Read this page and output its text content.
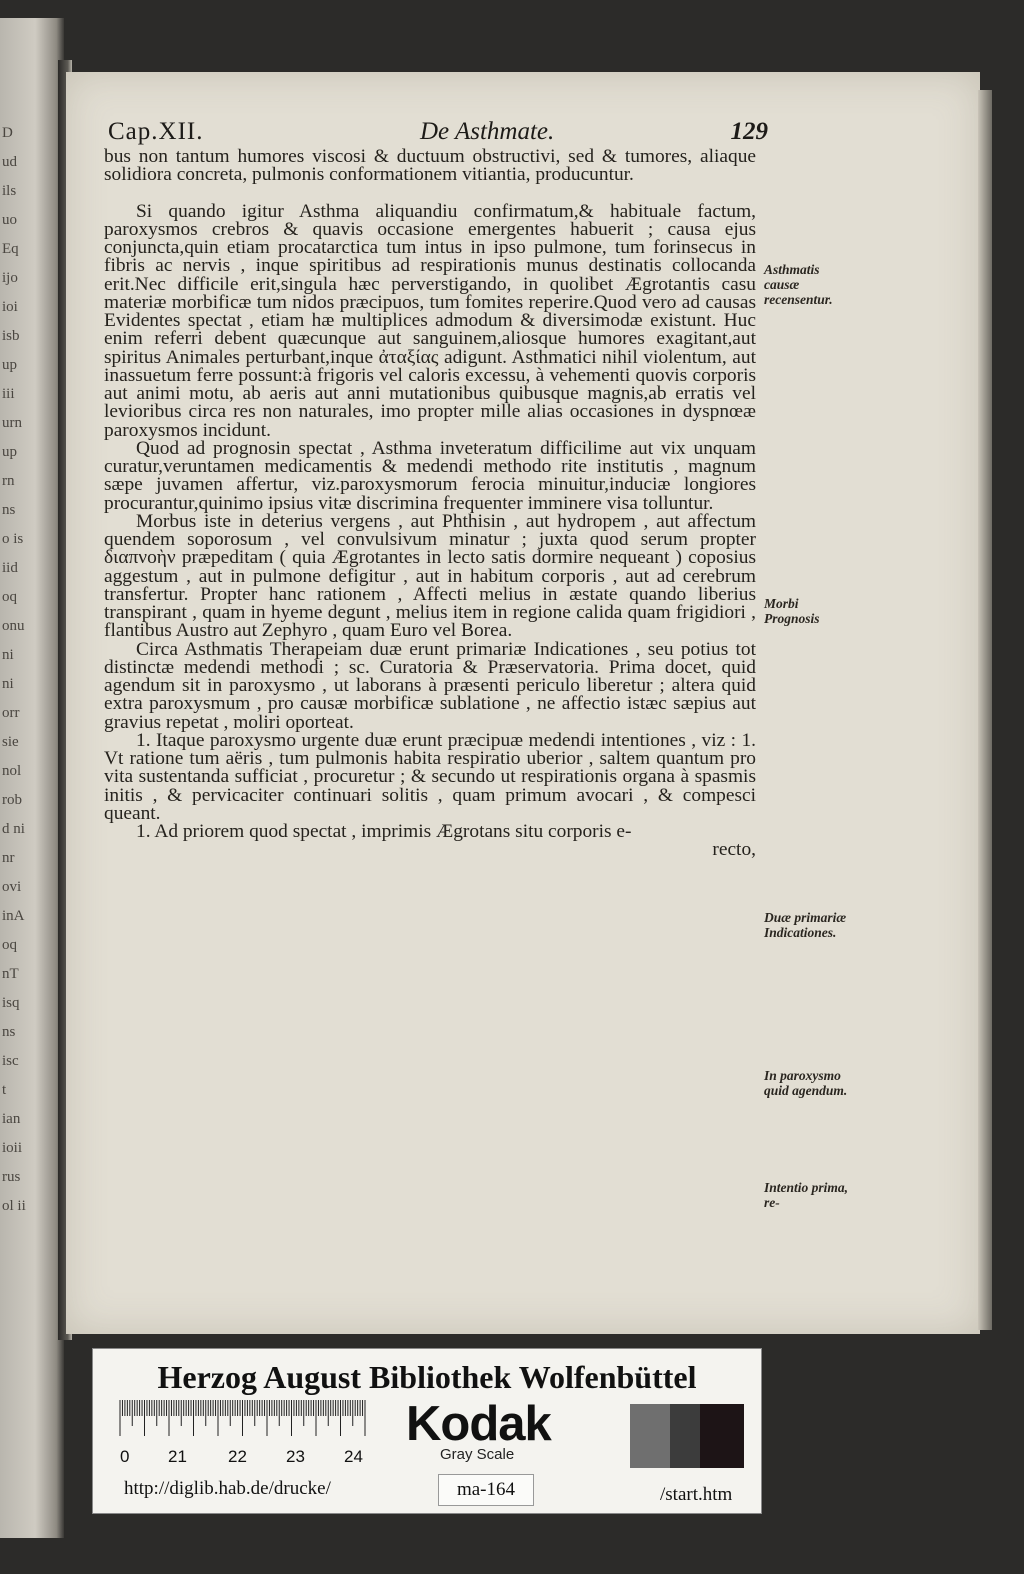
D
ud
ils
uo
Eq
ijo
ioi
isb
up
iii
urn
up
rn
ns
o is
iid
oq
onu
ni
ni
orr
sie
nol
rob
d ni
nr
ovi
inA
oq
nT
isq
ns
isc
t
ian
ioii
rus
ol ii
Cap.XII.	De Asthmate.	129

bus non tantum humores viscosi & ductuum obstructivi, sed & tumores, aliaque solidiora concreta, pulmonis conformationem vitiantia, producuntur.

Si quando igitur Asthma aliquandiu confirmatum,& habituale factum, paroxysmos crebros & quavis occasione emergentes habuerit ; causa ejus conjuncta,quin etiam procatarctica tum intus in ipso pulmone, tum forinsecus in fibris ac nervis , inque spiritibus ad respirationis munus destinatis collocanda erit.Nec difficile erit,singula hæc perverstigando, in quolibet Ægrotantis casu materiæ morbificæ tum nidos præcipuos, tum fomites reperire.Quod vero ad causas Evidentes spectat , etiam hæ multiplices admodum & diversimodæ existunt. Huc enim referri debent quæcunque aut sanguinem,aliosque humores exagitant,aut spiritus Animales perturbant,inque ἀταξίας adigunt. Asthmatici nihil violentum, aut inassuetum ferre possunt:à frigoris vel caloris excessu, à vehementi quovis corporis aut animi motu, ab aeris aut anni mutationibus quibusque magnis,ab erratis vel levioribus circa res non naturales, imo propter mille alias occasiones in dyspnœæ paroxysmos incidunt.

Quod ad prognosin spectat , Asthma inveteratum difficilime aut vix unquam curatur,veruntamen medicamentis & medendi methodo rite institutis , magnum sæpe juvamen affertur, viz.paroxysmorum ferocia minuitur,induciæ longiores procurantur,quinimo ipsius vitæ discrimina frequenter imminere visa tolluntur.

Morbus iste in deterius vergens , aut Phthisin , aut hydropem , aut affectum quendem soporosum , vel convulsivum minatur ; juxta quod serum propter διαπνοὴν præpeditam ( quia Ægrotantes in lecto satis dormire nequeant ) coposius aggestum , aut in pulmone defigitur , aut in habitum corporis , aut ad cerebrum transfertur. Propter hanc rationem , Affecti melius in æstate quando liberius transpirant , quam in hyeme degunt , melius item in regione calida quam frigidiori , flantibus Austro aut Zephyro , quam Euro vel Borea.

Circa Asthmatis Therapeiam duæ erunt primariæ Indicationes , seu potius tot distinctæ medendi methodi ; sc. Curatoria & Præservatoria. Prima docet, quid agendum sit in paroxysmo , ut laborans à præsenti periculo liberetur ; altera quid extra paroxysmum , pro causæ morbificæ sublatione , ne affectio istæc sæpius aut gravius repetat , moliri oporteat.

1. Itaque paroxysmo urgente duæ erunt præcipuæ medendi intentiones , viz : 1. Vt ratione tum aëris , tum pulmonis habita respiratio uberior , saltem quantum pro vita sustentanda sufficiat , procuretur ; & secundo ut respirationis organa à spasmis initis , & pervicaciter continuari solitis , quam primum avocari , & compesci queant.

1. Ad priorem quod spectat , imprimis Ægrotans situ corporis e-

recto,

Asthmatis causæ recensentur.
Morbi Prognosis
Duæ primariæ Indicationes.
In paroxysmo quid agendum.
Intentio prima, re-
Herzog August Bibliothek Wolfenbüttel
0 21 22 23 24
Kodak
Gray Scale
http://diglib.hab.de/drucke/	ma-164	/start.htm
